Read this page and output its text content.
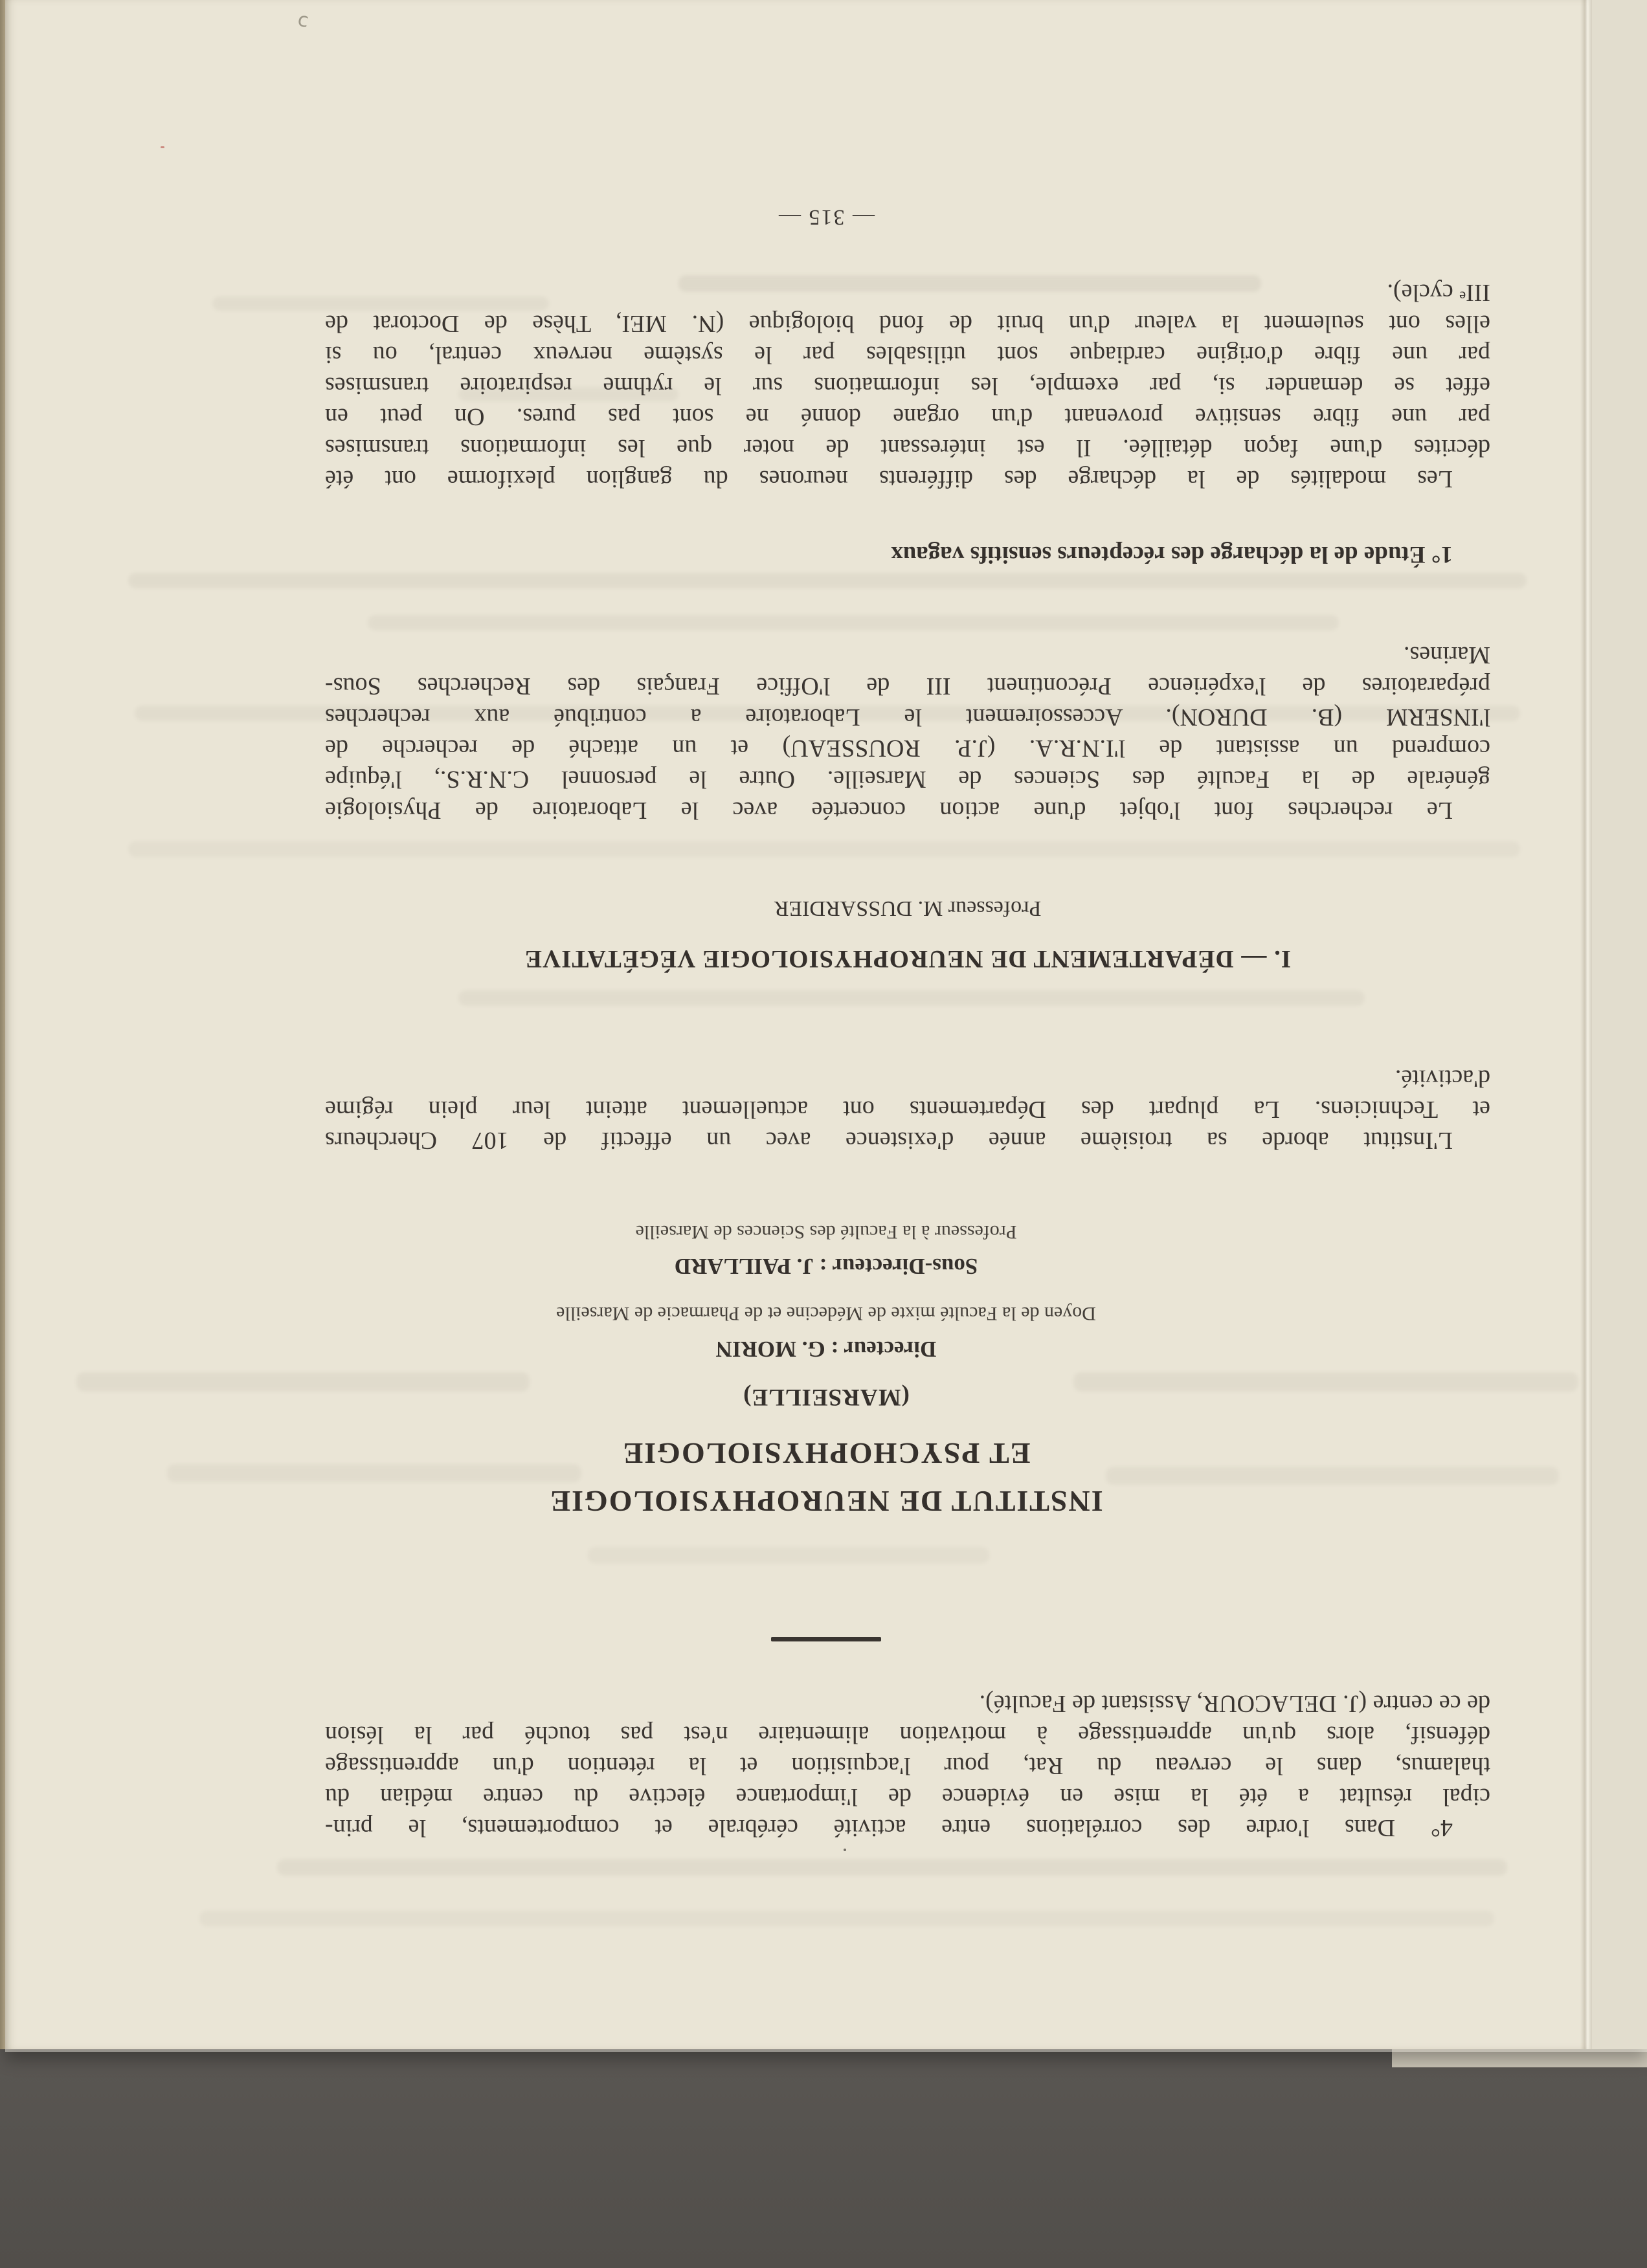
4° Dans l'ordre des corrélations entre activité cérébrale et comportements, le prin-
cipal résultat a été la mise en évidence de l'importance élective du centre médian du
thalamus, dans le cerveau du Rat, pour l'acquisition et la rétention d'un apprentissage
défensif, alors qu'un apprentissage à motivation alimentaire n'est pas touché par la lésion
de ce centre (J. DELACOUR, Assistant de Faculté).
INSTITUT DE NEUROPHYSIOLOGIE
ET PSYCHOPHYSIOLOGIE
(MARSEILLE)
Directeur : G. MORIN
Doyen de la Faculté mixte de Médecine et de Pharmacie de Marseille
Sous-Directeur : J. PAILLARD
Professeur à la Faculté des Sciences de Marseille
L'Institut aborde sa troisième année d'existence avec un effectif de 107 Chercheurs
et Techniciens. La plupart des Départements ont actuellement atteint leur plein régime
d'activité.
I. — DÉPARTEMENT DE NEUROPHYSIOLOGIE VÉGÉTATIVE
Professeur M. DUSSARDIER
Le recherches font l'objet d'une action concertée avec le Laboratoire de Physiologie
générale de la Faculté des Sciences de Marseille. Outre le personnel C.N.R.S., l'équipe
comprend un assistant de l'I.N.R.A. (J.P. ROUSSEAU) et un attaché de recherche de
l'INSERM (B. DURON). Accessoirement le Laboratoire a contribué aux recherches
préparatoires de l'expérience Précontinent III de l'Office Français des Recherches Sous-
Marines.
1° Étude de la décharge des récepteurs sensitifs vagaux
Les modalités de la décharge des différents neurones du ganglion plexiforme ont été
décrites d'une façon détaillée. Il est intéressant de noter que les informations transmises
par une fibre sensitive provenant d'un organe donné ne sont pas pures. On peut en
effet se demander si, par exemple, les informations sur le rythme respiratoire transmises
par une fibre d'origine cardiaque sont utilisables par le système nerveux central, ou si
elles ont seulement la valeur d'un bruit de fond biologique (N. MEI, Thèse de Doctorat de
IIIᵉ cycle).
— 315 —
c
